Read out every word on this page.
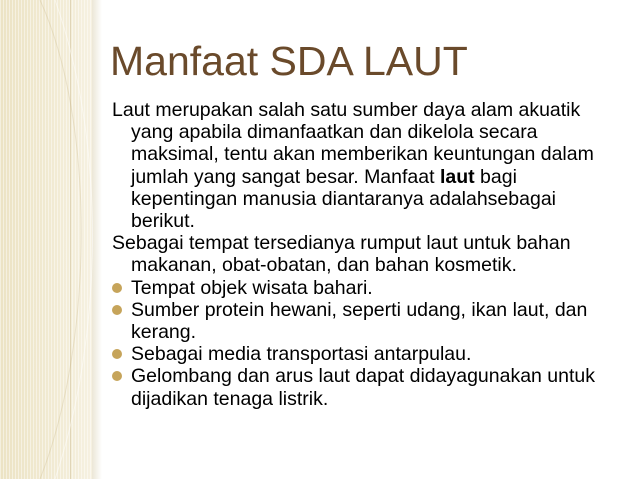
Manfaat SDA LAUT

Laut merupakan salah satu sumber daya alam akuatik yang apabila dimanfaatkan dan dikelola secara maksimal, tentu akan memberikan keuntungan dalam jumlah yang sangat besar. Manfaat laut bagi kepentingan manusia diantaranya adalahsebagai berikut.
Sebagai tempat tersedianya rumput laut untuk bahan makanan, obat-obatan, dan bahan kosmetik.

Tempat objek wisata bahari.
Sumber protein hewani, seperti udang, ikan laut, dan kerang.
Sebagai media transportasi antarpulau.
Gelombang dan arus laut dapat didayagunakan untuk dijadikan tenaga listrik.
